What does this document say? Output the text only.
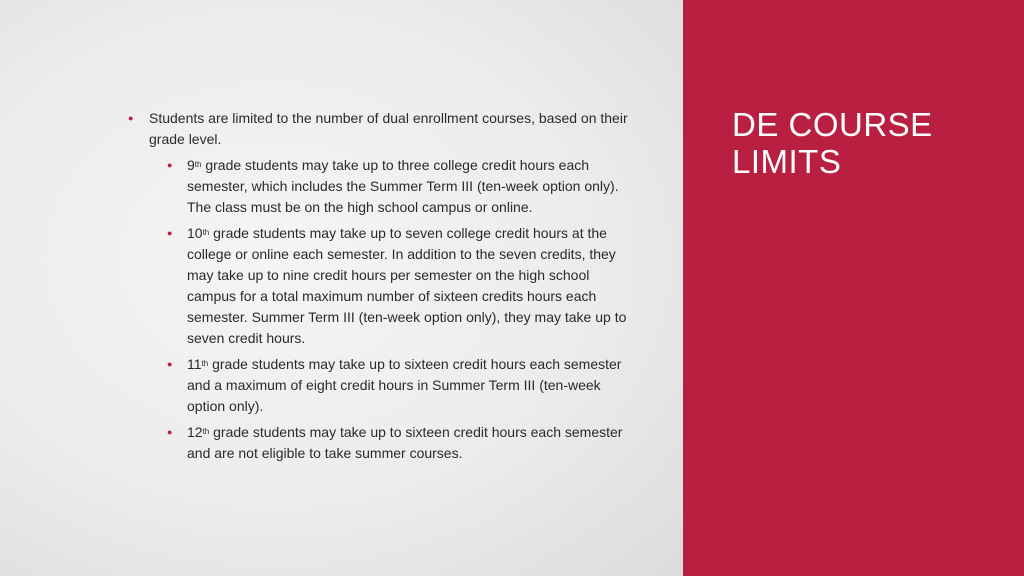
DE COURSE LIMITS
● Students are limited to the number of dual enrollment courses, based on their grade level.
● 9th grade students may take up to three college credit hours each semester, which includes the Summer Term III (ten-week option only). The class must be on the high school campus or online.
● 10th grade students may take up to seven college credit hours at the college or online each semester. In addition to the seven credits, they may take up to nine credit hours per semester on the high school campus for a total maximum number of sixteen credits hours each semester. Summer Term III (ten-week option only), they may take up to seven credit hours.
● 11th grade students may take up to sixteen credit hours each semester and a maximum of eight credit hours in Summer Term III (ten-week option only).
● 12th grade students may take up to sixteen credit hours each semester and are not eligible to take summer courses.
